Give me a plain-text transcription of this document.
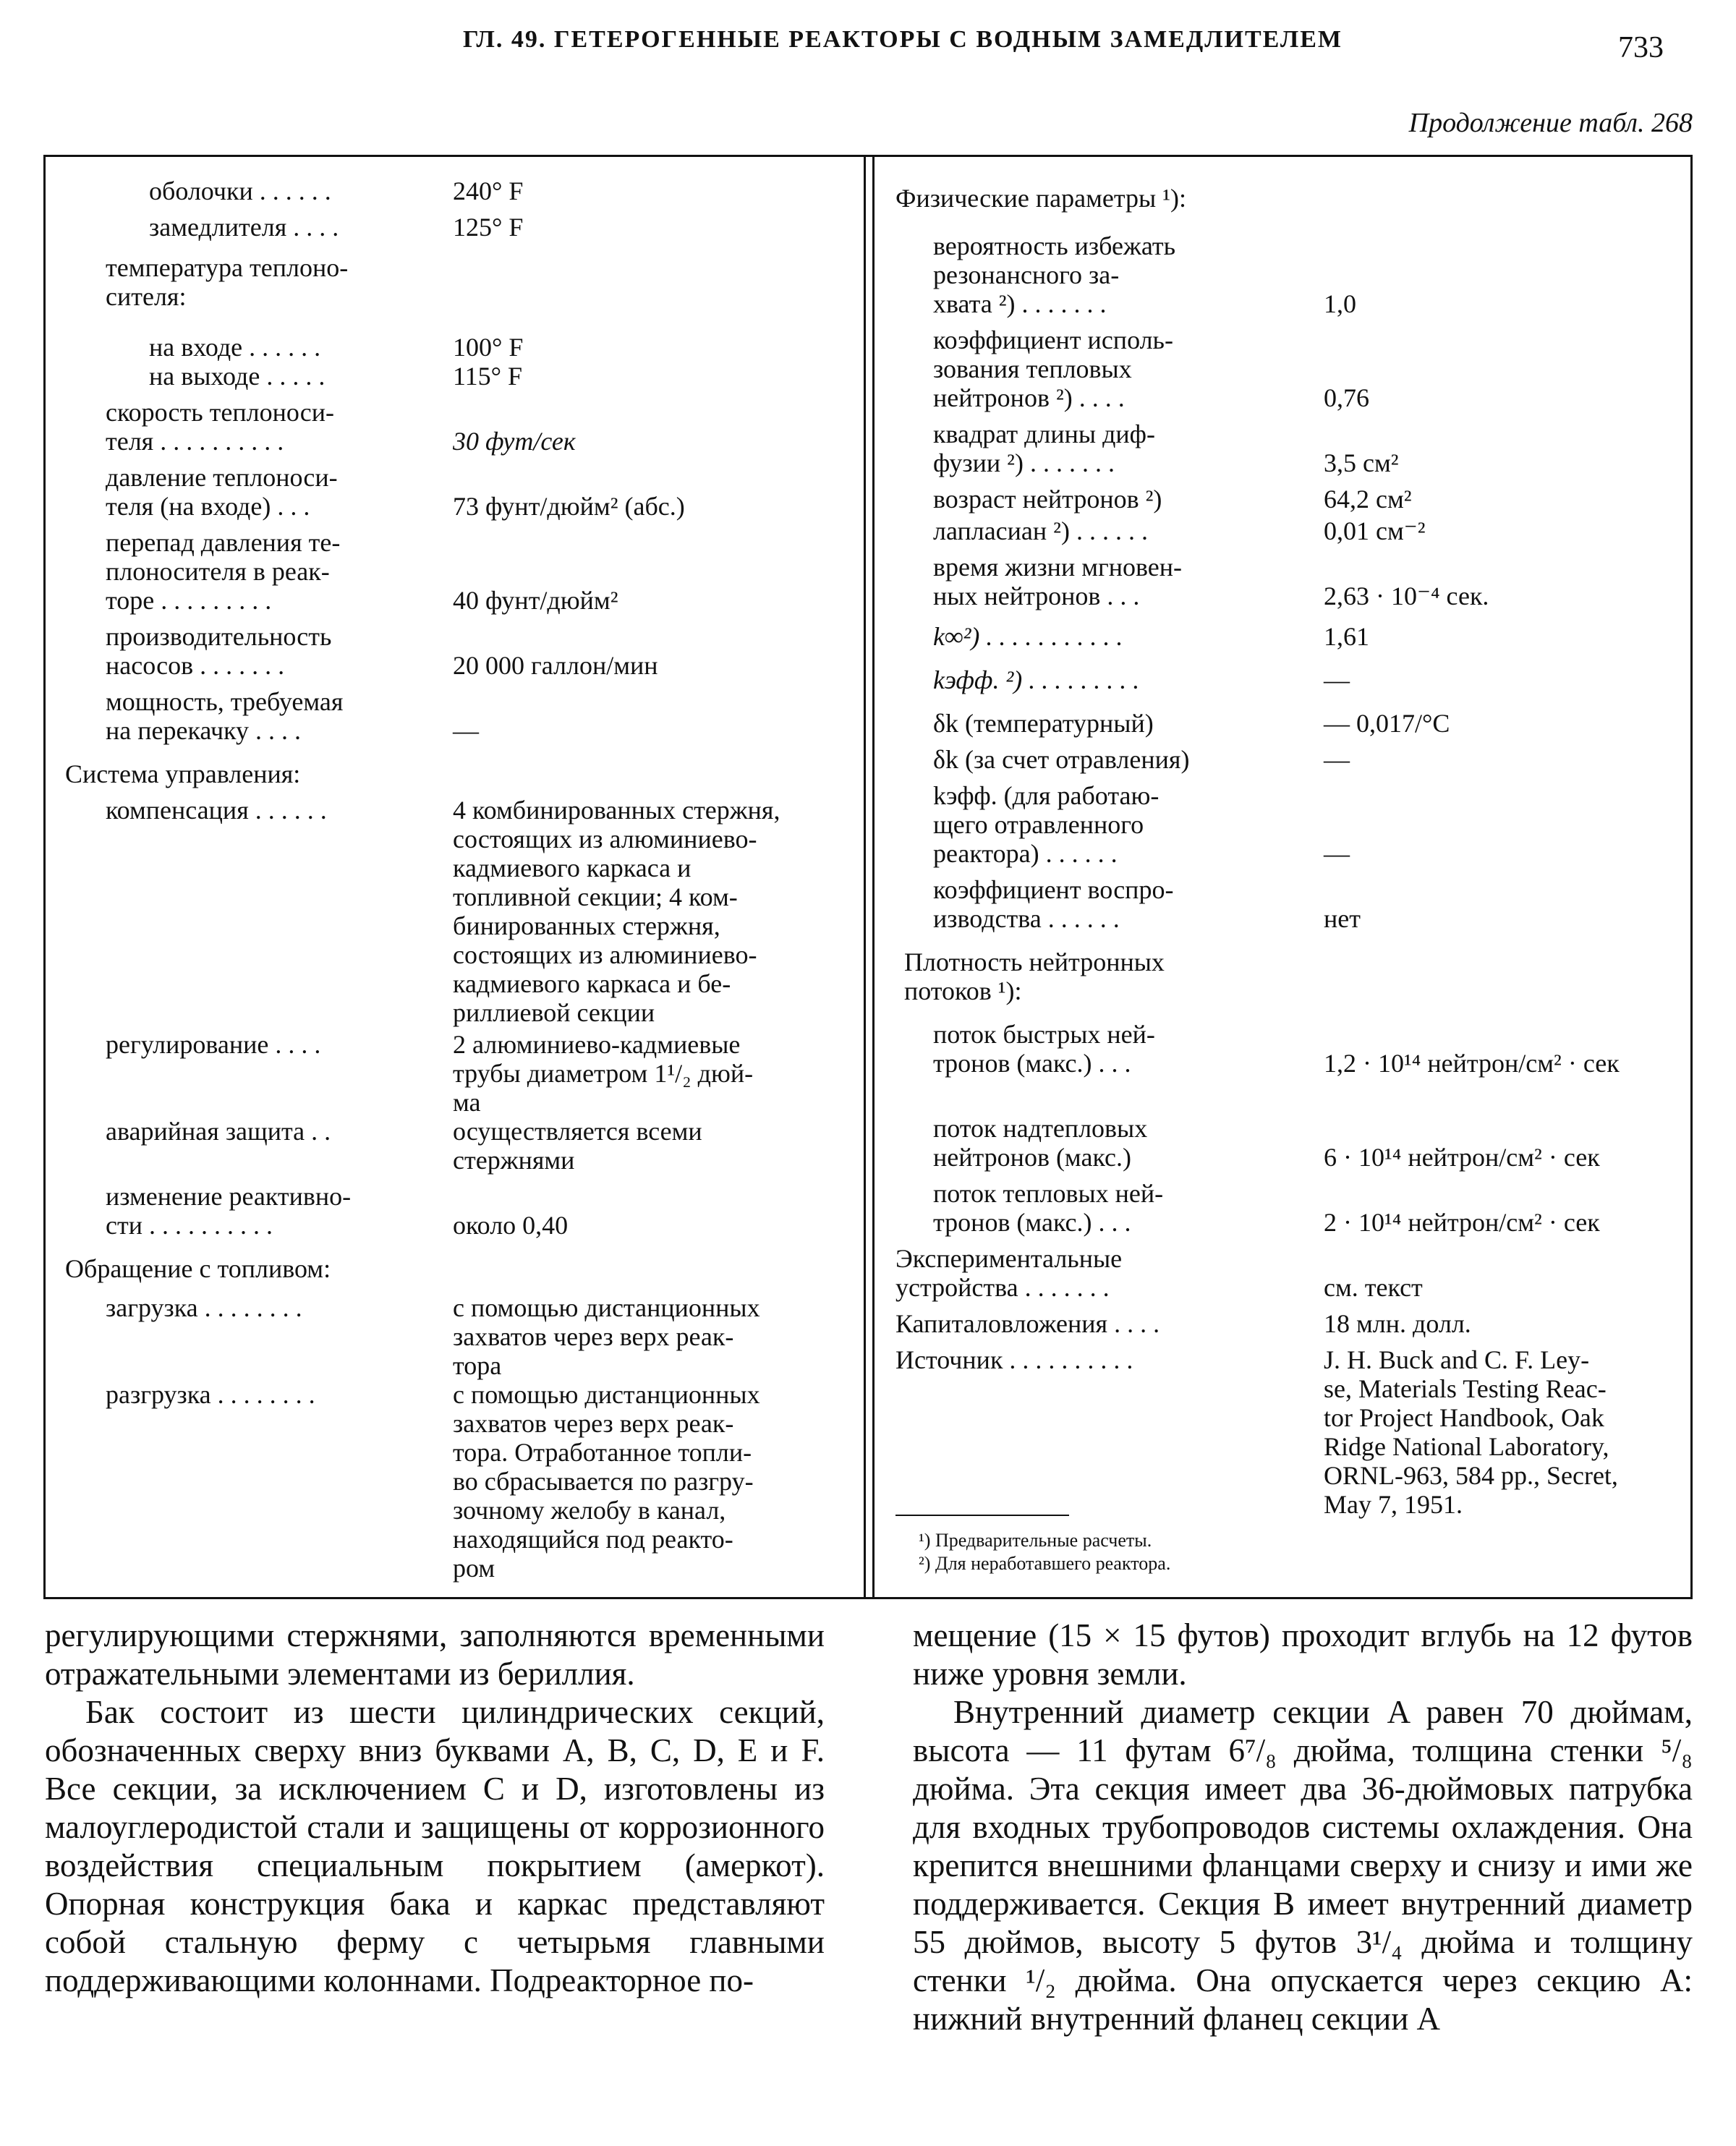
ГЛ. 49. ГЕТЕРОГЕННЫЕ РЕАКТОРЫ С ВОДНЫМ ЗАМЕДЛИТЕЛЕМ	733
Продолжение табл. 268
оболочки . . . . . .	240° F
замедлителя . . . .	125° F
температура теплоно-
сителя:
на входе . . . . . .	100° F
на выходе . . . . .	115° F
скорость теплоноси-
теля . . . . . . . . . .	30 фут/сек
давление теплоноси-
теля (на входе) . . .	73 фунт/дюйм² (абс.)
перепад давления те-
плоносителя в реак-
торе . . . . . . . . .	40 фунт/дюйм²
производительность
насосов . . . . . . .	20 000 галлон/мин
мощность, требуемая
на перекачку . . . .	—
Система управления:
компенсация . . . . . .	4 комбинированных стержня,
состоящих из алюминиево-
кадмиевого каркаса и
топливной секции; 4 ком-
бинированных стержня,
состоящих из алюминиево-
кадмиевого каркаса и бе-
риллиевой секции
регулирование . . . .	2 алюминиево-кадмиевые
трубы диаметром 1¹/₂ дюй-
ма
аварийная защита . .	осуществляется всеми
стержнями
изменение реактивно-
сти . . . . . . . . . .	около 0,40
Обращение с топливом:
загрузка . . . . . . . .	с помощью дистанционных
захватов через верх реак-
тора
разгрузка . . . . . . . .	с помощью дистанционных
захватов через верх реак-
тора. Отработанное топли-
во сбрасывается по разгру-
зочному желобу в канал,
находящийся под реакто-
ром
Физические параметры ¹):
вероятность избежать
резонансного за-
хвата ²) . . . . . . .	1,0
коэффициент исполь-
зования тепловых
нейтронов ²) . . . .	0,76
квадрат длины диф-
фузии ²) . . . . . . .	3,5 см²
возраст нейтронов ²)	64,2 см²
лапласиан ²) . . . . . .	0,01 см⁻²
время жизни мгновен-
ных нейтронов . . .	2,63 · 10⁻⁴ сек.
k∞²) . . . . . . . . . . .	1,61
kэфф. ²) . . . . . . . . .	—
δk (температурный)	— 0,017/°C
δk (за счет отравления)	—
kэфф. (для работаю-
щего отравленного
реактора) . . . . . .	—
коэффициент воспро-
изводства . . . . . .	нет
Плотность нейтронных
потоков ¹):
поток быстрых ней-
тронов (макс.) . . .	1,2 · 10¹⁴ нейтрон/см² · сек
поток надтепловых
нейтронов (макс.)	6 · 10¹⁴ нейтрон/см² · сек
поток тепловых ней-
тронов (макс.) . . .	2 · 10¹⁴ нейтрон/см² · сек
Экспериментальные
устройства . . . . . . .	см. текст
Капиталовложения . . . .	18 млн. долл.
Источник . . . . . . . . . .	J. H. Buck and C. F. Ley-
se, Materials Testing Reac-
tor Project Handbook, Oak
Ridge National Laboratory,
ORNL-963, 584 pp., Secret,
May 7, 1951.
¹) Предварительные расчеты.
²) Для неработавшего реактора.

регулирующими стержнями, заполняются временными отражательными элементами из бериллия.

Бак состоит из шести цилиндрических секций, обозначенных сверху вниз буквами A, B, C, D, E и F. Все секции, за исключением C и D, изготовлены из малоуглеродистой стали и защищены от коррозионного воздействия специальным покрытием (амеркот). Опорная конструкция бака и каркас представляют собой стальную ферму с четырьмя главными поддерживающими колоннами. Подреакторное по-

мещение (15 × 15 футов) проходит вглубь на 12 футов ниже уровня земли.

Внутренний диаметр секции A равен 70 дюймам, высота — 11 футам 6⁷/₈ дюйма, толщина стенки ⁵/₈ дюйма. Эта секция имеет два 36-дюймовых патрубка для входных трубопроводов системы охлаждения. Она крепится внешними фланцами сверху и снизу и ими же поддерживается. Секция B имеет внутренний диаметр 55 дюймов, высоту 5 футов 3¹/₄ дюйма и толщину стенки ¹/₂ дюйма. Она опускается через секцию A: нижний внутренний фланец секции A
